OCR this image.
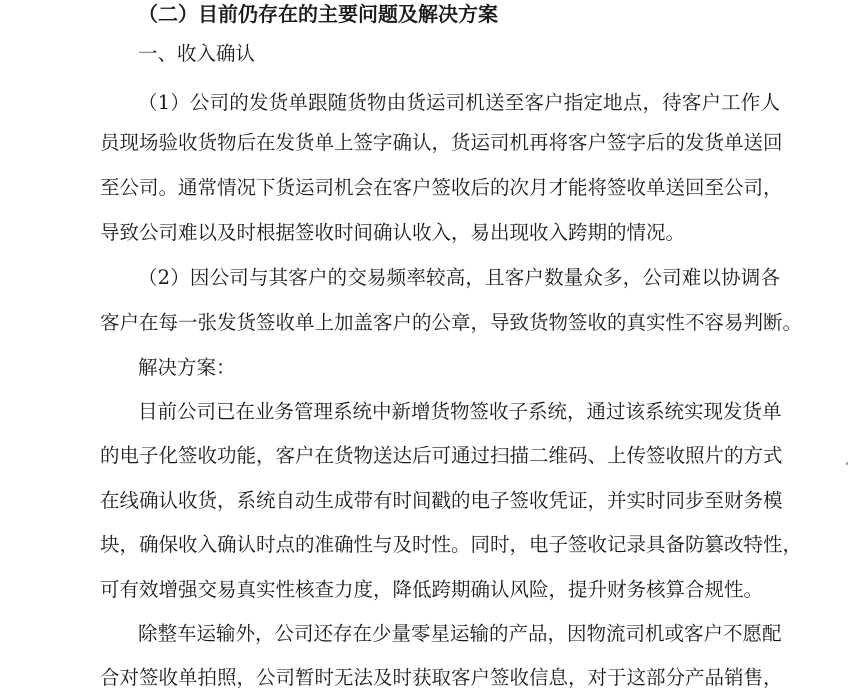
（二）目前仍存在的主要问题及解决方案
一、收入确认
（1）公司的发货单跟随货物由货运司机送至客户指定地点，待客户工作人
员现场验收货物后在发货单上签字确认，货运司机再将客户签字后的发货单送回
至公司。通常情况下货运司机会在客户签收后的次月才能将签收单送回至公司，
导致公司难以及时根据签收时间确认收入，易出现收入跨期的情况。
（2）因公司与其客户的交易频率较高，且客户数量众多，公司难以协调各
客户在每一张发货签收单上加盖客户的公章，导致货物签收的真实性不容易判断。
解决方案：
目前公司已在业务管理系统中新增货物签收子系统，通过该系统实现发货单
的电子化签收功能，客户在货物送达后可通过扫描二维码、上传签收照片的方式
在线确认收货，系统自动生成带有时间戳的电子签收凭证，并实时同步至财务模
块，确保收入确认时点的准确性与及时性。同时，电子签收记录具备防篡改特性，
可有效增强交易真实性核查力度，降低跨期确认风险，提升财务核算合规性。
除整车运输外，公司还存在少量零星运输的产品，因物流司机或客户不愿配
合对签收单拍照，公司暂时无法及时获取客户签收信息，对于这部分产品销售，
